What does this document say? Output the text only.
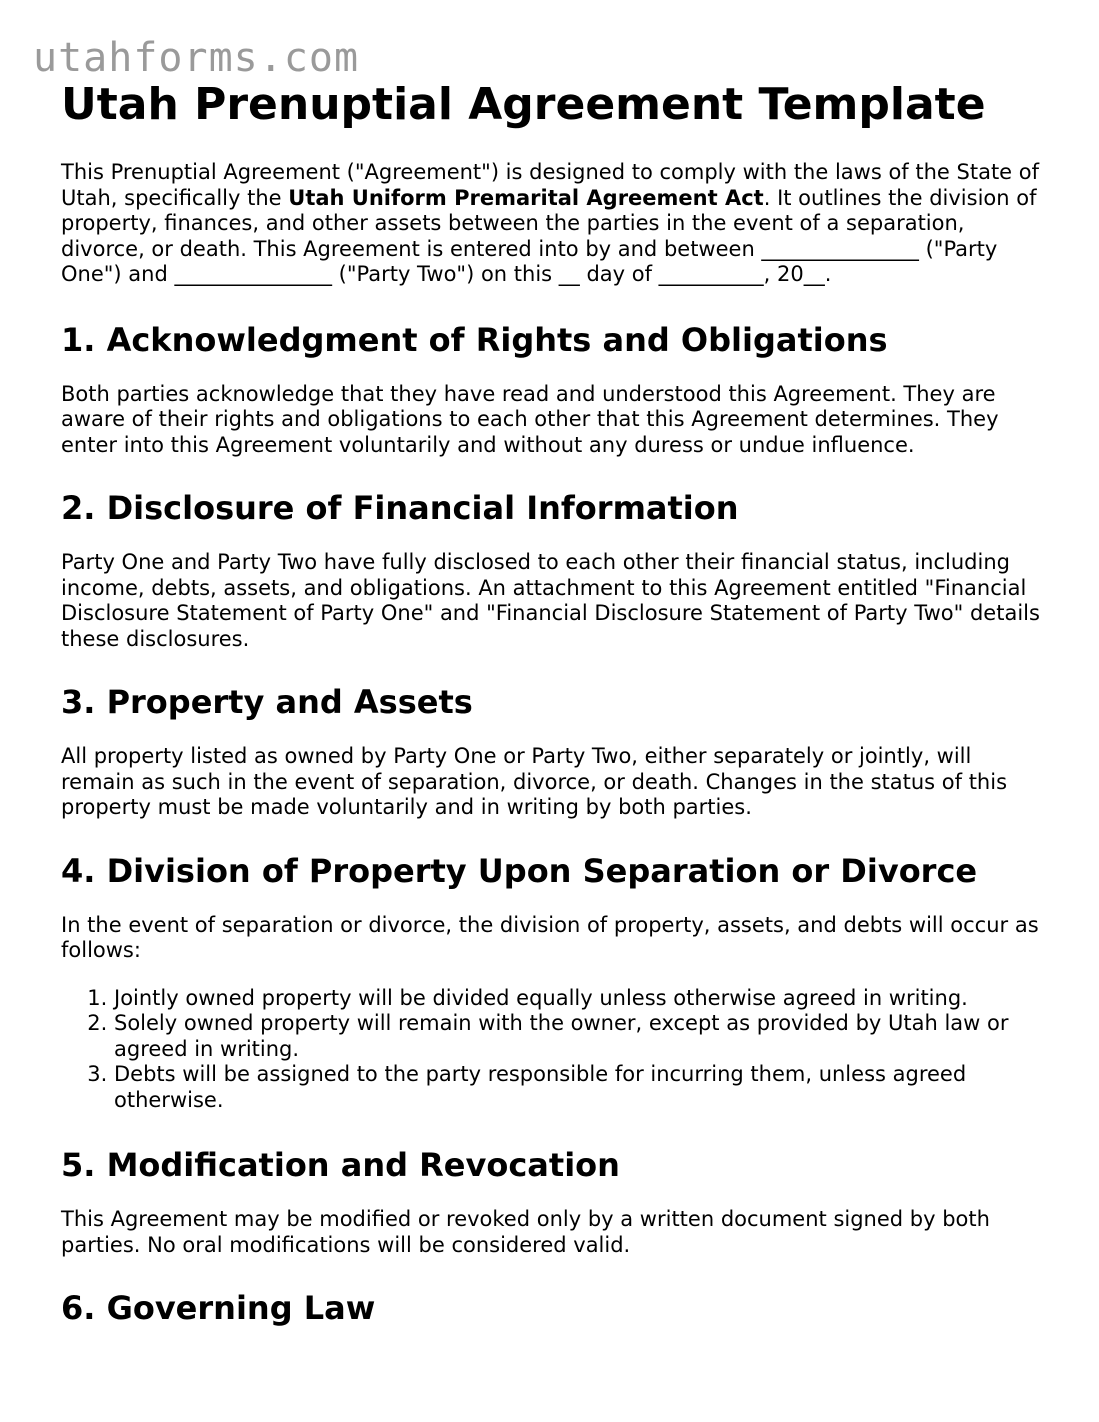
utahforms.com
Utah Prenuptial Agreement Template

This Prenuptial Agreement ("Agreement") is designed to comply with the laws of the State of Utah, specifically the Utah Uniform Premarital Agreement Act. It outlines the division of property, finances, and other assets between the parties in the event of a separation, divorce, or death. This Agreement is entered into by and between _______________ ("Party One") and _______________ ("Party Two") on this __ day of __________, 20__.

1. Acknowledgment of Rights and Obligations

Both parties acknowledge that they have read and understood this Agreement. They are aware of their rights and obligations to each other that this Agreement determines. They enter into this Agreement voluntarily and without any duress or undue influence.

2. Disclosure of Financial Information

Party One and Party Two have fully disclosed to each other their financial status, including income, debts, assets, and obligations. An attachment to this Agreement entitled "Financial Disclosure Statement of Party One" and "Financial Disclosure Statement of Party Two" details these disclosures.

3. Property and Assets

All property listed as owned by Party One or Party Two, either separately or jointly, will remain as such in the event of separation, divorce, or death. Changes in the status of this property must be made voluntarily and in writing by both parties.

4. Division of Property Upon Separation or Divorce

In the event of separation or divorce, the division of property, assets, and debts will occur as follows:

1. Jointly owned property will be divided equally unless otherwise agreed in writing.
2. Solely owned property will remain with the owner, except as provided by Utah law or agreed in writing.
3. Debts will be assigned to the party responsible for incurring them, unless agreed otherwise.
5. Modification and Revocation

This Agreement may be modified or revoked only by a written document signed by both parties. No oral modifications will be considered valid.

6. Governing Law
